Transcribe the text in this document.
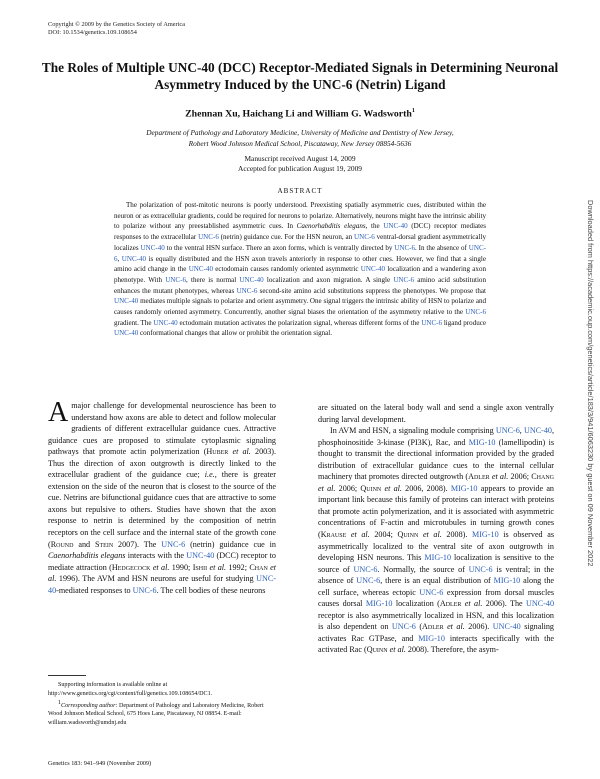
Copyright © 2009 by the Genetics Society of America
DOI: 10.1534/genetics.109.108654
The Roles of Multiple UNC-40 (DCC) Receptor-Mediated Signals in Determining Neuronal Asymmetry Induced by the UNC-6 (Netrin) Ligand
Zhennan Xu, Haichang Li and William G. Wadsworth$^1$
Department of Pathology and Laboratory Medicine, University of Medicine and Dentistry of New Jersey,
Robert Wood Johnson Medical School, Piscataway, New Jersey 08854-5636
Manuscript received August 14, 2009
Accepted for publication August 19, 2009
ABSTRACT

The polarization of post-mitotic neurons is poorly understood. Preexisting spatially asymmetric cues, distributed within the neuron or as extracellular gradients, could be required for neurons to polarize. Alternatively, neurons might have the intrinsic ability to polarize without any preestablished asymmetric cues. In Caenorhabditis elegans, the UNC-40 (DCC) receptor mediates responses to the extracellular UNC-6 (netrin) guidance cue. For the HSN neuron, an UNC-6 ventral-dorsal gradient asymmetrically localizes UNC-40 to the ventral HSN surface. There an axon forms, which is ventrally directed by UNC-6. In the absence of UNC-6, UNC-40 is equally distributed and the HSN axon travels anteriorly in response to other cues. However, we find that a single amino acid change in the UNC-40 ectodomain causes randomly oriented asymmetric UNC-40 localization and a wandering axon phenotype. With UNC-6, there is normal UNC-40 localization and axon migration. A single UNC-6 amino acid substitution enhances the mutant phenotypes, whereas UNC-6 second-site amino acid substitutions suppress the phenotypes. We propose that UNC-40 mediates multiple signals to polarize and orient asymmetry. One signal triggers the intrinsic ability of HSN to polarize and causes randomly oriented asymmetry. Concurrently, another signal biases the orientation of the asymmetry relative to the UNC-6 gradient. The UNC-40 ectodomain mutation activates the polarization signal, whereas different forms of the UNC-6 ligand produce UNC-40 conformational changes that allow or prohibit the orientation signal.

A major challenge for developmental neuroscience has been to understand how axons are able to detect and follow molecular gradients of different extracellular guidance cues. Attractive guidance cues are proposed to stimulate cytoplasmic signaling pathways that promote actin polymerization (Huber et al. 2003). Thus the direction of axon outgrowth is directly linked to the extracellular gradient of the guidance cue; i.e., there is greater extension on the side of the neuron that is closest to the source of the cue. Netrins are bifunctional guidance cues that are attractive to some axons but repulsive to others. Studies have shown that the axon response to netrin is determined by the composition of netrin receptors on the cell surface and the internal state of the growth cone (Round and Stein 2007). The UNC-6 (netrin) guidance cue in Caenorhabditis elegans interacts with the UNC-40 (DCC) receptor to mediate attraction (Hedgecock et al. 1990; Ishii et al. 1992; Chan et al. 1996). The AVM and HSN neurons are useful for studying UNC-40-mediated responses to UNC-6. The cell bodies of these neurons

are situated on the lateral body wall and send a single axon ventrally during larval development.
In AVM and HSN, a signaling module comprising UNC-6, UNC-40, phosphoinositide 3-kinase (PI3K), Rac, and MIG-10 (lamellipodin) is thought to transmit the directional information provided by the graded distribution of extracellular guidance cues to the internal cellular machinery that promotes directed outgrowth (Adler et al. 2006; Chang et al. 2006; Quinn et al. 2006, 2008). MIG-10 appears to provide an important link because this family of proteins can interact with proteins that promote actin polymerization, and it is associated with asymmetric concentrations of F-actin and microtubules in turning growth cones (Krause et al. 2004; Quinn et al. 2008). MIG-10 is observed as asymmetrically localized to the ventral site of axon outgrowth in developing HSN neurons. This MIG-10 localization is sensitive to the source of UNC-6. Normally, the source of UNC-6 is ventral; in the absence of UNC-6, there is an equal distribution of MIG-10 along the cell surface, whereas ectopic UNC-6 expression from dorsal muscles causes dorsal MIG-10 localization (Adler et al. 2006). The UNC-40 receptor is also asymmetrically localized in HSN, and this localization is also dependent on UNC-6 (Adler et al. 2006). UNC-40 signaling activates Rac GTPase, and MIG-10 interacts specifically with the activated Rac (Quinn et al. 2008). Therefore, the asym-
Supporting information is available online at http://www.genetics.org/cgi/content/full/genetics.109.108654/DC1.
1Corresponding author: Department of Pathology and Laboratory Medicine, Robert Wood Johnson Medical School, 675 Hoes Lane, Piscataway, NJ 08854. E-mail: william.wadsworth@umdnj.edu
Genetics 183: 941–949 (November 2009)
Downloaded from https://academic.oup.com/genetics/article/183/3/941/6063230 by guest on 09 November 2022
